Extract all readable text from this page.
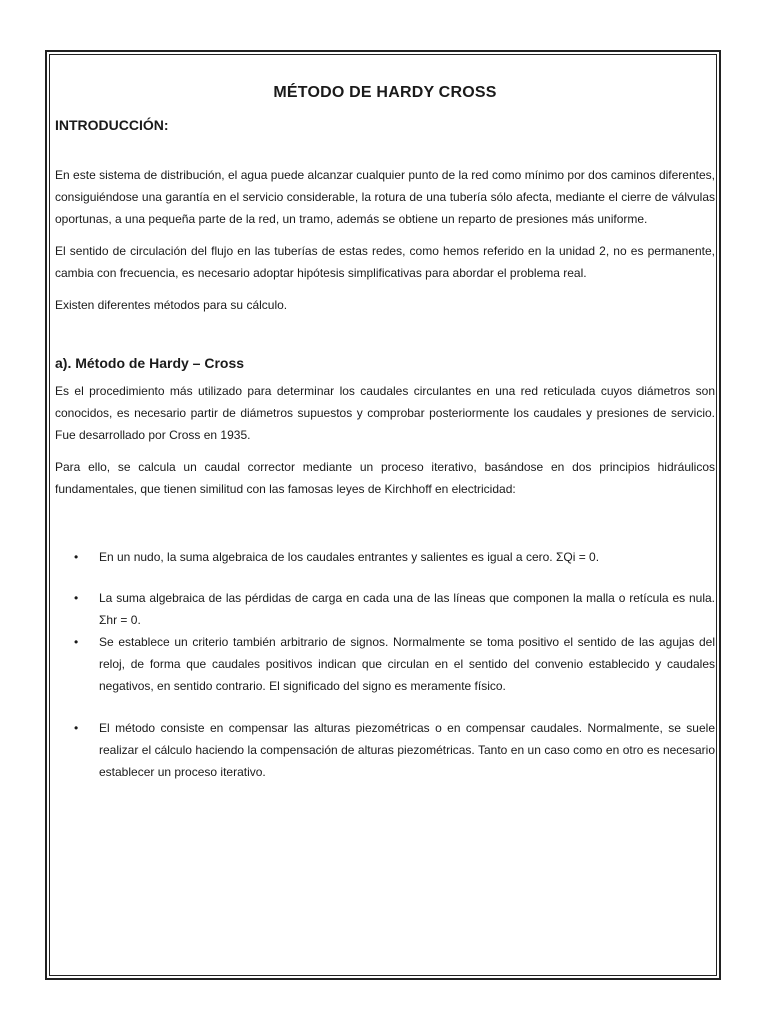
MÉTODO DE HARDY CROSS
INTRODUCCIÓN:

En este sistema de distribución, el agua puede alcanzar cualquier punto de la red como mínimo por dos caminos diferentes, consiguiéndose una garantía en el servicio considerable, la rotura de una tubería sólo afecta, mediante el cierre de válvulas oportunas, a una pequeña parte de la red, un tramo, además se obtiene un reparto de presiones más uniforme.

El sentido de circulación del flujo en las tuberías de estas redes, como hemos referido en la unidad 2, no es permanente, cambia con frecuencia, es necesario adoptar hipótesis simplificativas para abordar el problema real.

Existen diferentes métodos para su cálculo.

a). Método de Hardy – Cross

Es el procedimiento más utilizado para determinar los caudales circulantes en una red reticulada cuyos diámetros son conocidos, es necesario partir de diámetros supuestos y comprobar posteriormente los caudales y presiones de servicio. Fue desarrollado por Cross en 1935.

Para ello, se calcula un caudal corrector mediante un proceso iterativo, basándose en dos principios hidráulicos fundamentales, que tienen similitud con las famosas leyes de Kirchhoff en electricidad:

• En un nudo, la suma algebraica de los caudales entrantes y salientes es igual a cero. ΣQi = 0.

• La suma algebraica de las pérdidas de carga en cada una de las líneas que componen la malla o retícula es nula. Σhr = 0.

• Se establece un criterio también arbitrario de signos. Normalmente se toma positivo el sentido de las agujas del reloj, de forma que caudales positivos indican que circulan en el sentido del convenio establecido y caudales negativos, en sentido contrario. El significado del signo es meramente físico.

• El método consiste en compensar las alturas piezométricas o en compensar caudales. Normalmente, se suele realizar el cálculo haciendo la compensación de alturas piezométricas. Tanto en un caso como en otro es necesario establecer un proceso iterativo.
